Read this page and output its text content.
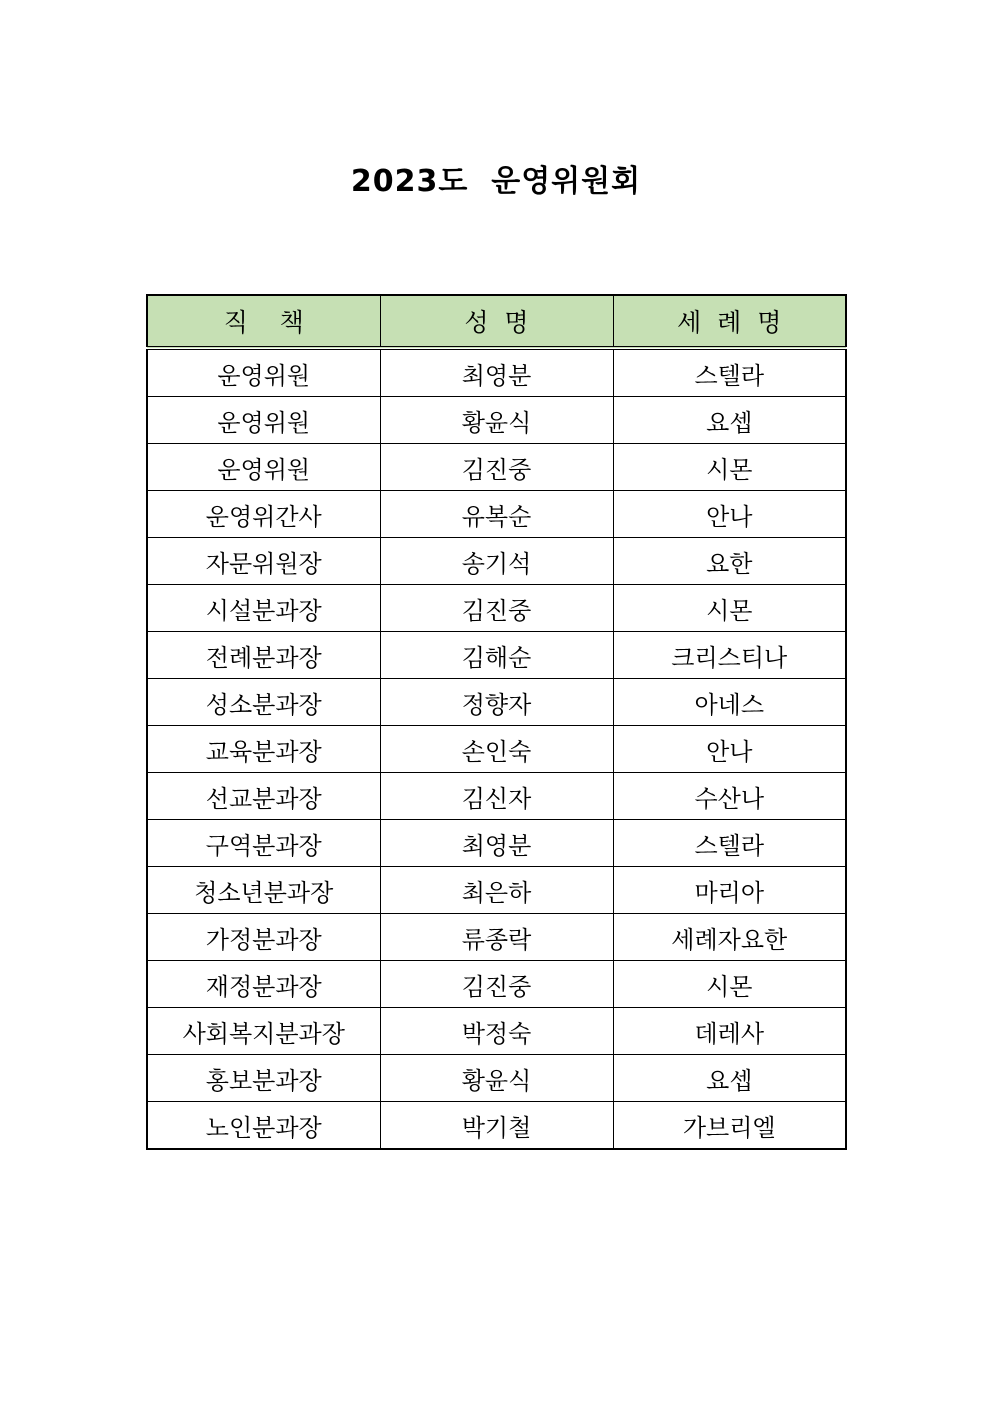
2023도  운영위원회
직    책	성  명	세  례  명
운영위원	최영분	스텔라
운영위원	황윤식	요셉
운영위원	김진중	시몬
운영위간사	유복순	안나
자문위원장	송기석	요한
시설분과장	김진중	시몬
전례분과장	김해순	크리스티나
성소분과장	정향자	아네스
교육분과장	손인숙	안나
선교분과장	김신자	수산나
구역분과장	최영분	스텔라
청소년분과장	최은하	마리아
가정분과장	류종락	세례자요한
재정분과장	김진중	시몬
사회복지분과장	박정숙	데레사
홍보분과장	황윤식	요셉
노인분과장	박기철	가브리엘
